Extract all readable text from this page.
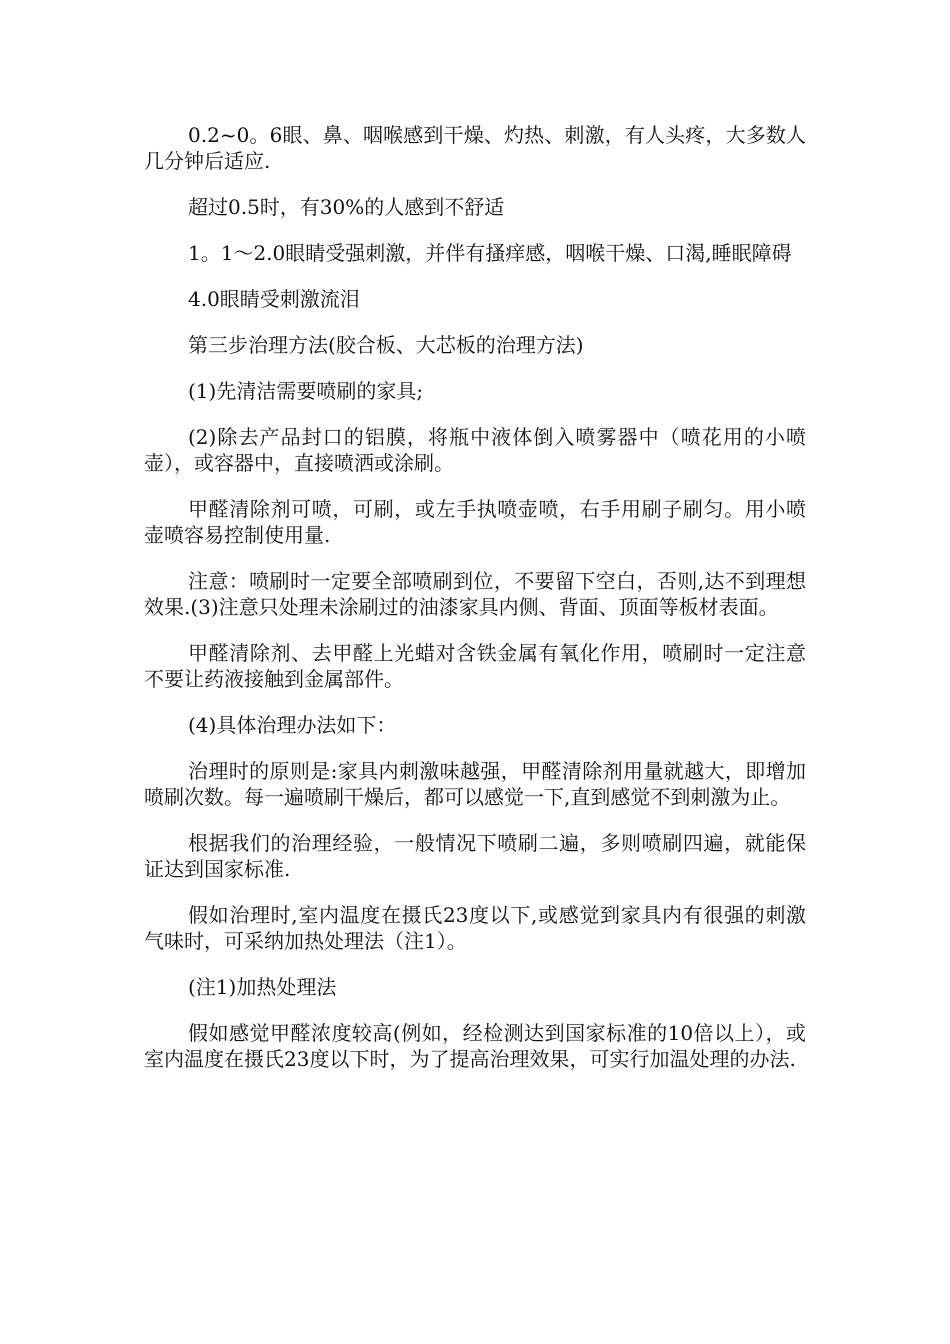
0.2~0。6眼、鼻、咽喉感到干燥、灼热、刺激，有人头疼，大多数人几分钟后适应.

超过0.5时，有30%的人感到不舒适

1。1～2.0眼睛受强刺激，并伴有搔痒感，咽喉干燥、口渴,睡眠障碍

4.0眼睛受刺激流泪

第三步治理方法(胶合板、大芯板的治理方法)

(1)先清洁需要喷刷的家具;

(2)除去产品封口的铝膜，将瓶中液体倒入喷雾器中（喷花用的小喷壶），或容器中，直接喷洒或涂刷。

甲醛清除剂可喷，可刷，或左手执喷壶喷，右手用刷子刷匀。用小喷壶喷容易控制使用量.

注意：喷刷时一定要全部喷刷到位，不要留下空白，否则,达不到理想效果.(3)注意只处理未涂刷过的油漆家具内侧、背面、顶面等板材表面。

甲醛清除剂、去甲醛上光蜡对含铁金属有氧化作用，喷刷时一定注意不要让药液接触到金属部件。

(4)具体治理办法如下：

治理时的原则是:家具内刺激味越强，甲醛清除剂用量就越大，即增加喷刷次数。每一遍喷刷干燥后，都可以感觉一下,直到感觉不到刺激为止。

根据我们的治理经验，一般情况下喷刷二遍，多则喷刷四遍，就能保证达到国家标准.

假如治理时,室内温度在摄氏23度以下,或感觉到家具内有很强的刺激气味时，可采纳加热处理法（注1）。

(注1)加热处理法

假如感觉甲醛浓度较高(例如，经检测达到国家标准的10倍以上），或室内温度在摄氏23度以下时，为了提高治理效果，可实行加温处理的办法.
